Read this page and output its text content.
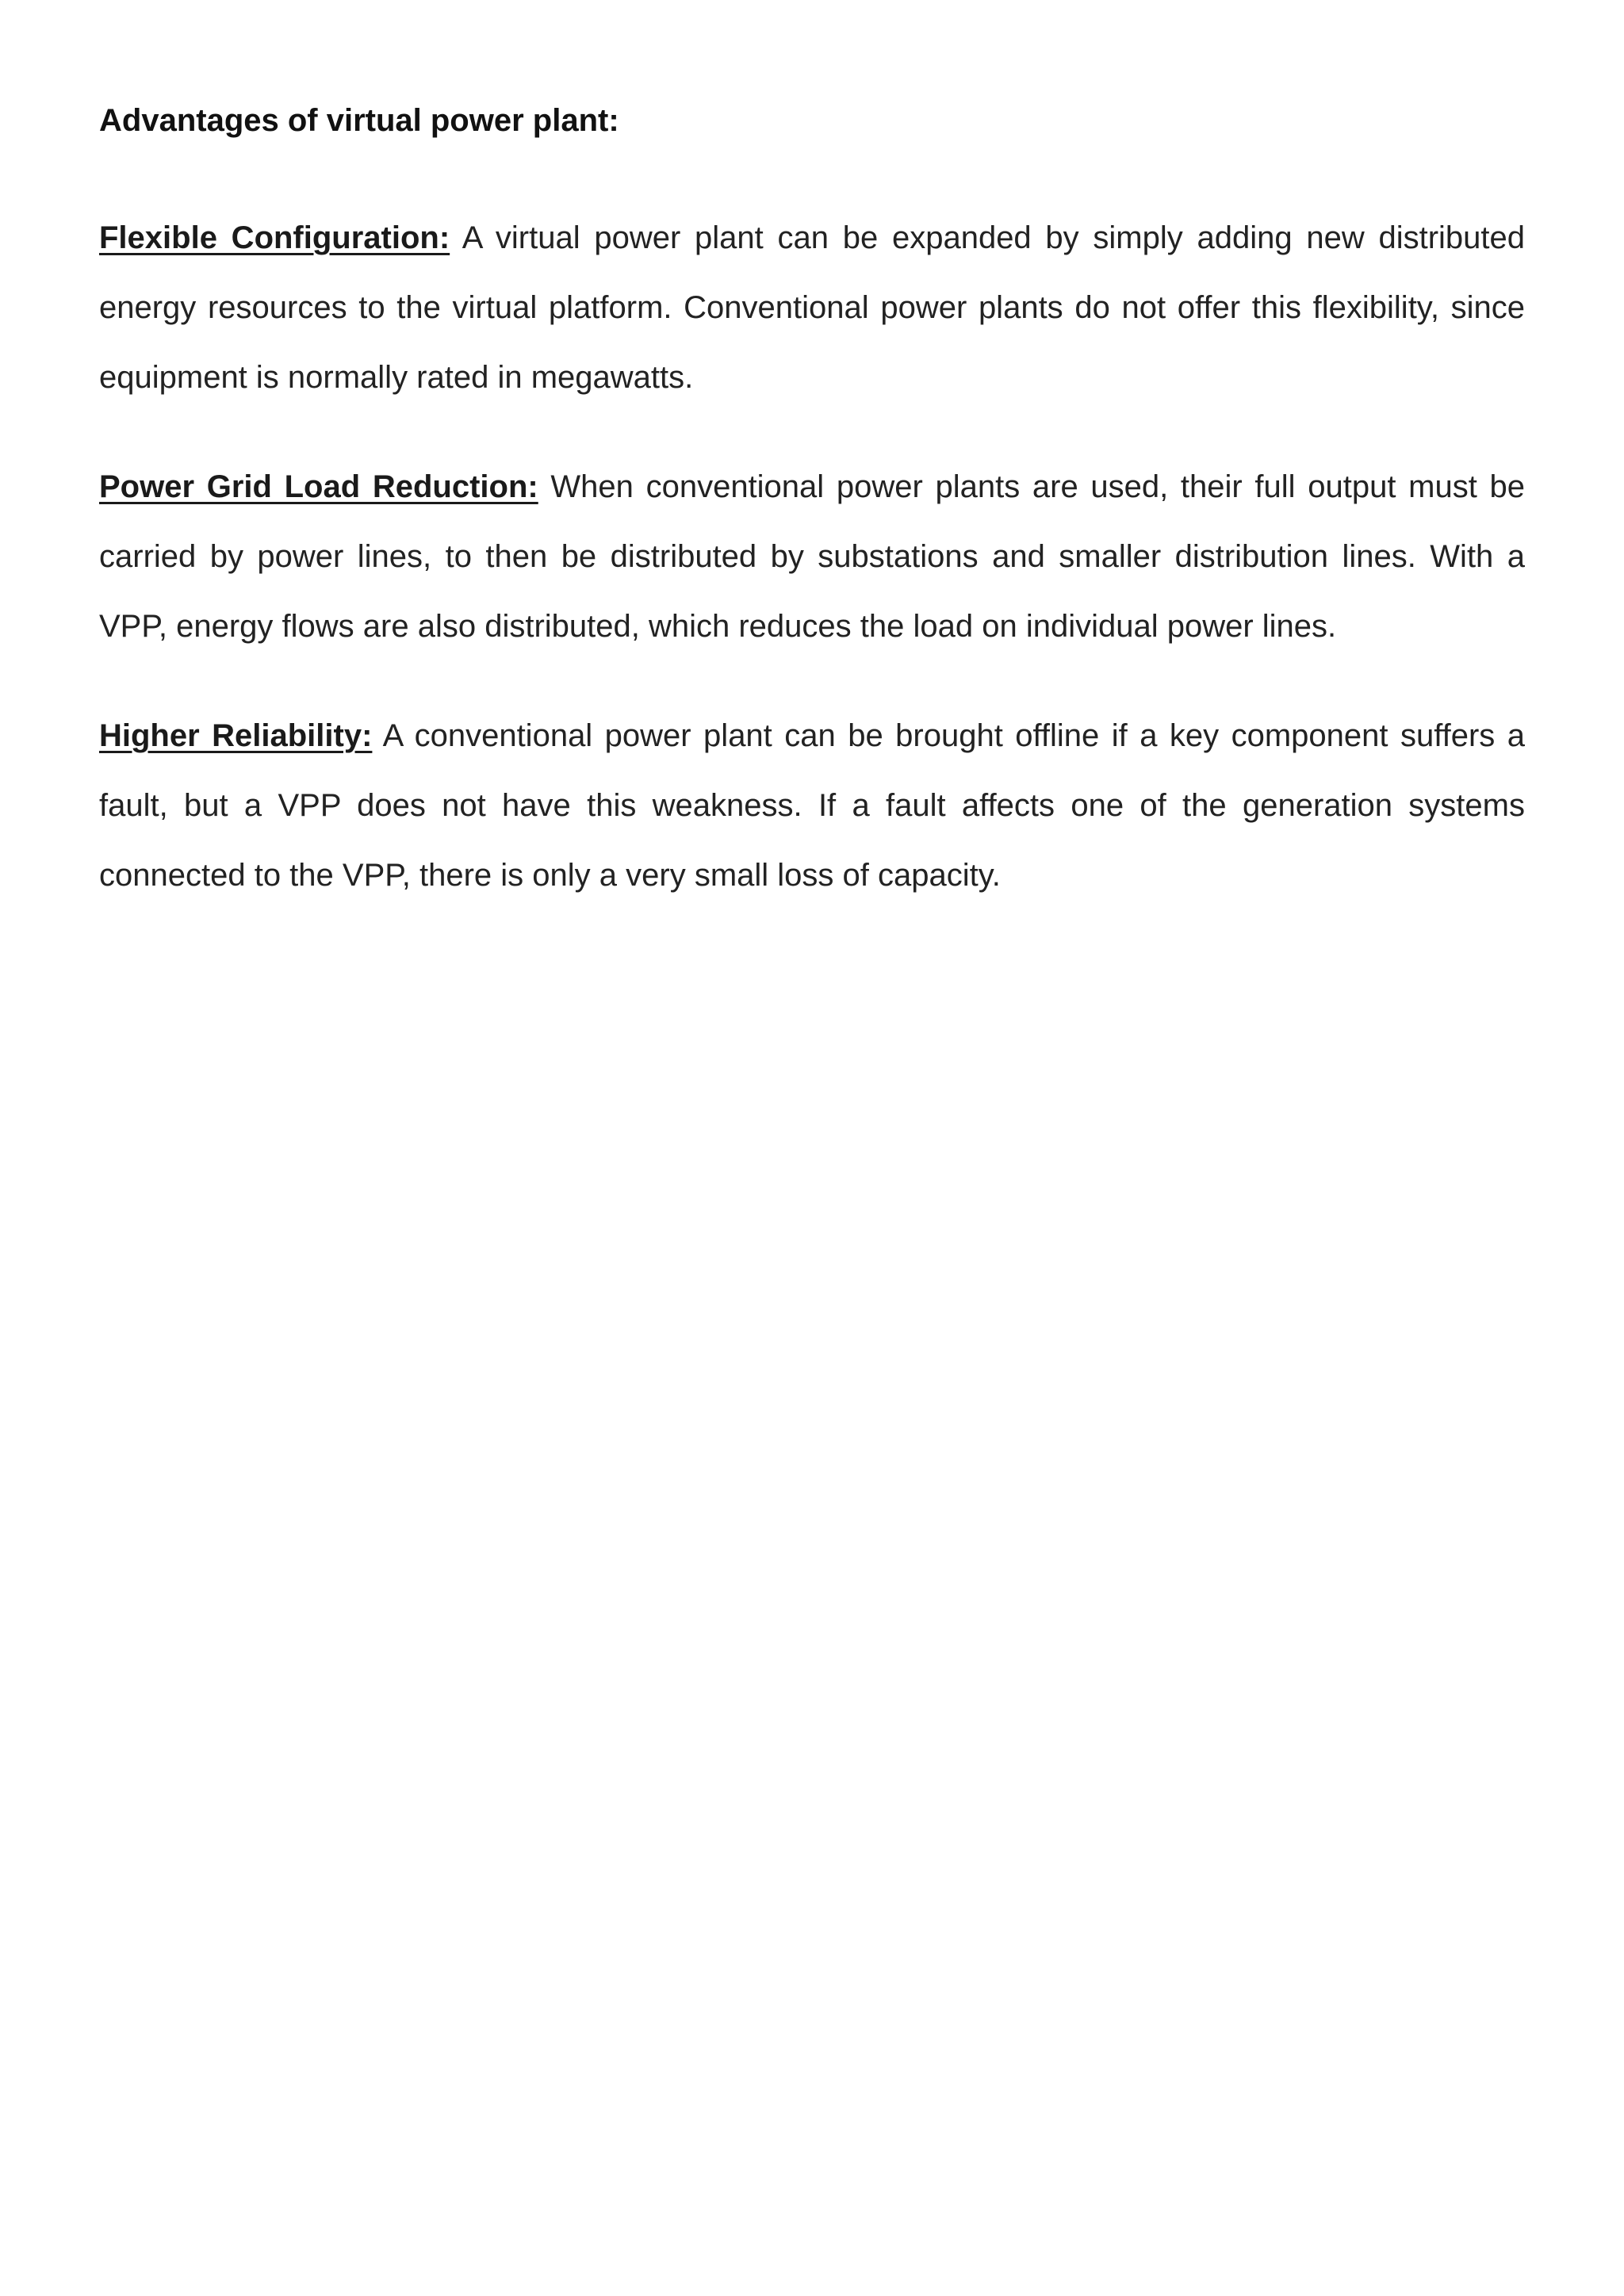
Advantages of virtual power plant:

Flexible Configuration: A virtual power plant can be expanded by simply adding new distributed energy resources to the virtual platform. Conventional power plants do not offer this flexibility, since equipment is normally rated in megawatts.

Power Grid Load Reduction: When conventional power plants are used, their full output must be carried by power lines, to then be distributed by substations and smaller distribution lines. With a VPP, energy flows are also distributed, which reduces the load on individual power lines.

Higher Reliability: A conventional power plant can be brought offline if a key component suffers a fault, but a VPP does not have this weakness. If a fault affects one of the generation systems connected to the VPP, there is only a very small loss of capacity.
